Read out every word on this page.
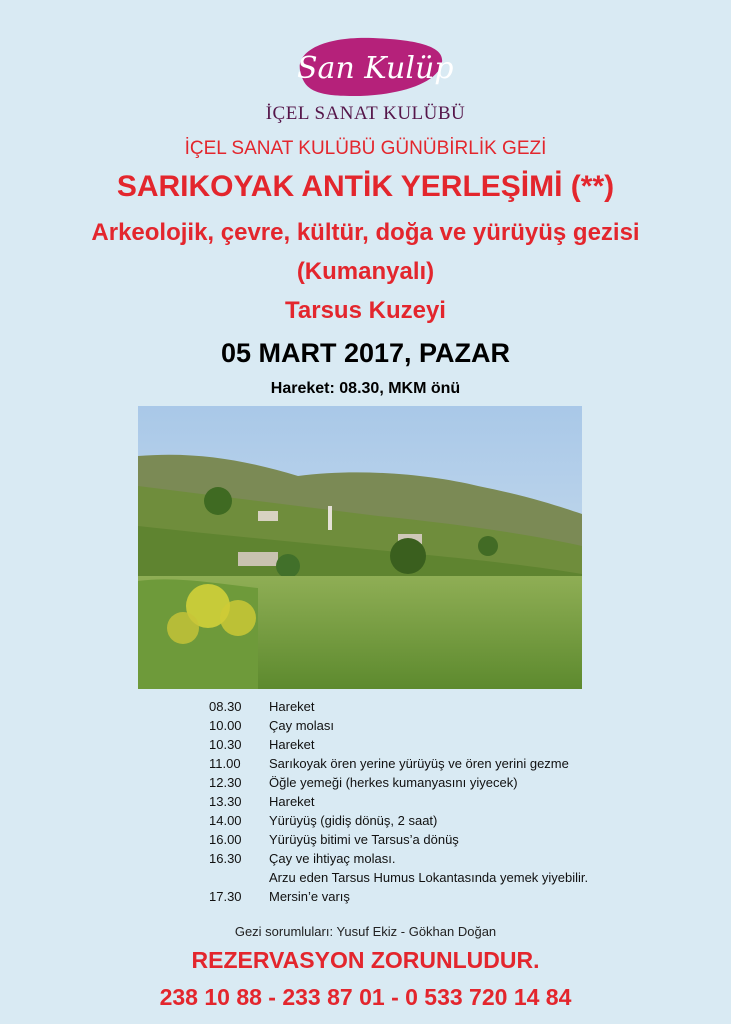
San Kulüp
İÇEL SANAT KULÜBÜ
İÇEL SANAT KULÜBÜ GÜNÜBİRLİK GEZİ
SARIKOYAK ANTİK YERLEŞİMİ (**)
Arkeolojik, çevre, kültür, doğa ve yürüyüş gezisi
(Kumanyalı)
Tarsus Kuzeyi
05 MART 2017, PAZAR
Hareket: 08.30, MKM önü
08.30	Hareket
10.00	Çay molası
10.30	Hareket
11.00	Sarıkoyak ören yerine yürüyüş ve ören yerini gezme
12.30	Öğle yemeği (herkes kumanyasını yiyecek)
13.30	Hareket
14.00	Yürüyüş (gidiş dönüş, 2 saat)
16.00	Yürüyüş bitimi ve Tarsus’a dönüş
16.30	Çay ve ihtiyaç molası.
Arzu eden Tarsus Humus Lokantasında yemek yiyebilir.
17.30	Mersin’e varış
Gezi sorumluları: Yusuf Ekiz - Gökhan Doğan
REZERVASYON ZORUNLUDUR.
238 10 88 - 233 87 01 - 0 533 720 14 84
